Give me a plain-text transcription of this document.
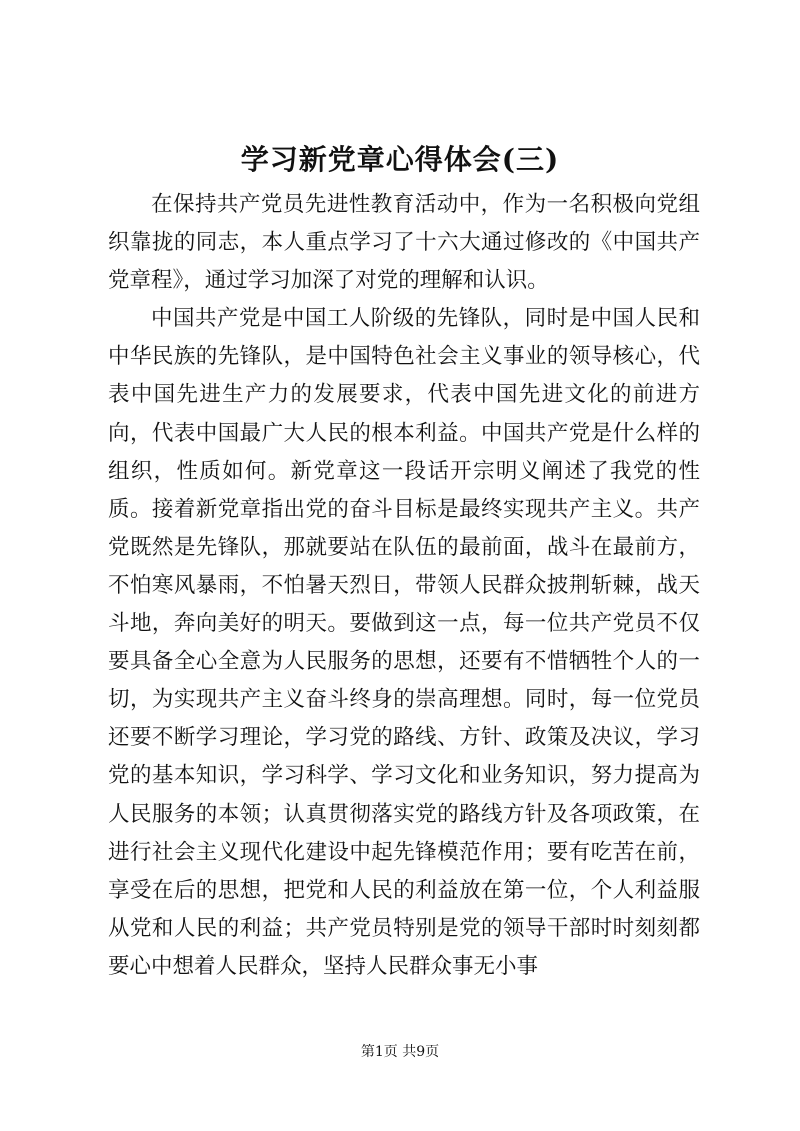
学习新党章心得体会(三)

在保持共产党员先进性教育活动中，作为一名积极向党组织靠拢的同志，本人重点学习了十六大通过修改的《中国共产党章程》，通过学习加深了对党的理解和认识。

中国共产党是中国工人阶级的先锋队，同时是中国人民和中华民族的先锋队，是中国特色社会主义事业的领导核心，代表中国先进生产力的发展要求，代表中国先进文化的前进方向，代表中国最广大人民的根本利益。中国共产党是什么样的组织，性质如何。新党章这一段话开宗明义阐述了我党的性质。接着新党章指出党的奋斗目标是最终实现共产主义。共产党既然是先锋队，那就要站在队伍的最前面，战斗在最前方，不怕寒风暴雨，不怕暑天烈日，带领人民群众披荆斩棘，战天斗地，奔向美好的明天。要做到这一点，每一位共产党员不仅要具备全心全意为人民服务的思想，还要有不惜牺牲个人的一切，为实现共产主义奋斗终身的崇高理想。同时，每一位党员还要不断学习理论，学习党的路线、方针、政策及决议，学习党的基本知识，学习科学、学习文化和业务知识，努力提高为人民服务的本领；认真贯彻落实党的路线方针及各项政策，在进行社会主义现代化建设中起先锋模范作用；要有吃苦在前，享受在后的思想，把党和人民的利益放在第一位，个人利益服从党和人民的利益；共产党员特别是党的领导干部时时刻刻都要心中想着人民群众，坚持人民群众事无小事

第1页 共9页
